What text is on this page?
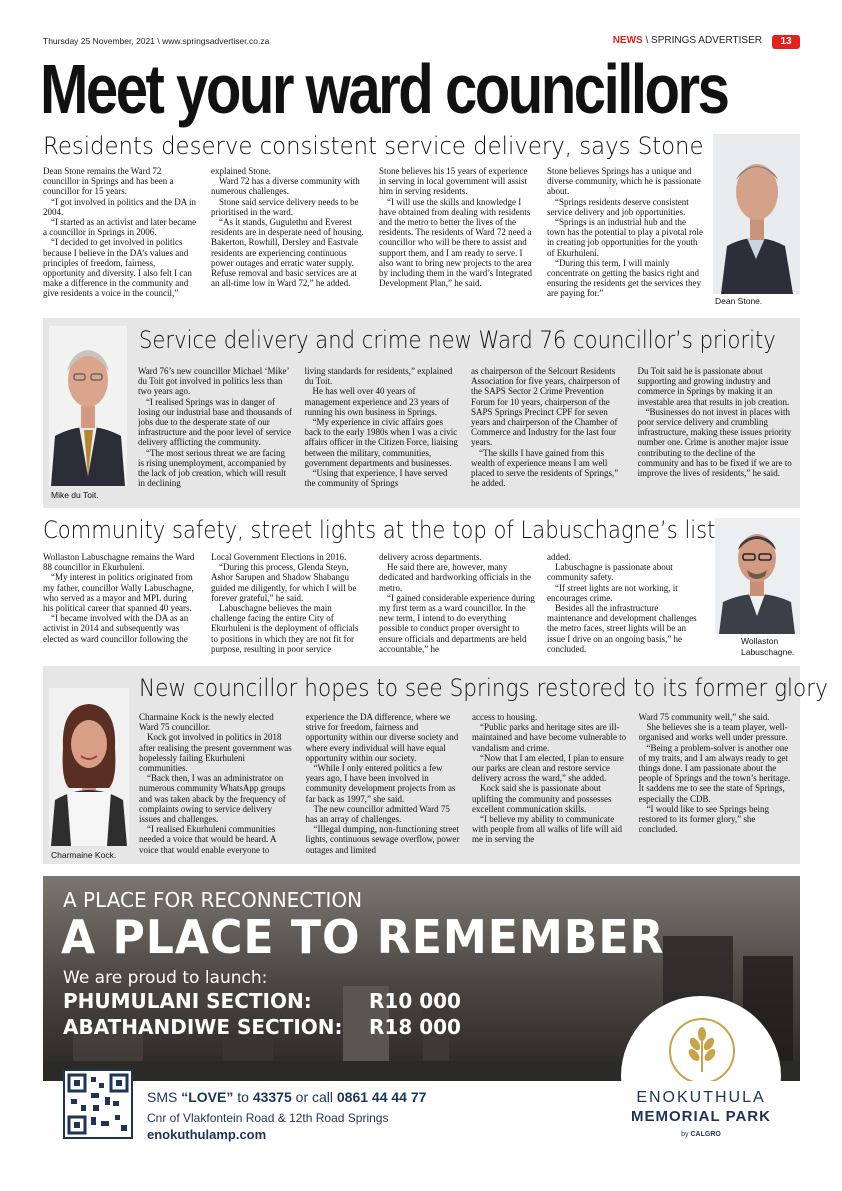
Thursday 25 November, 2021 \ www.springsadvertiser.co.za	NEWS \ SPRINGS ADVERTISER	13
Meet your ward councillors
Residents deserve consistent service delivery, says Stone

Dean Stone remains the Ward 72 councillor in Springs and has been a councillor for 15 years.

“I got involved in politics and the DA in 2004.

“I started as an activist and later became a councillor in Springs in 2006.

“I decided to get involved in politics because I believe in the DA’s values and principles of freedom, fairness, opportunity and diversity. I also felt I can make a difference in the community and give residents a voice in the council,”

explained Stone.

Ward 72 has a diverse community with numerous challenges.

Stone said service delivery needs to be prioritised in the ward.

“As it stands, Gugulethu and Everest residents are in desperate need of housing. Bakerton, Rowhill, Dersley and Eastvale residents are experiencing continuous power outages and erratic water supply. Refuse removal and basic services are at an all-time low in Ward 72,” he added.

Stone believes his 15 years of experience in serving in local government will assist him in serving residents.

“I will use the skills and knowledge I have obtained from dealing with residents and the metro to better the lives of the residents. The residents of Ward 72 need a councillor who will be there to assist and support them, and I am ready to serve. I also want to bring new projects to the area by including them in the ward’s Integrated Development Plan,” he said.

Stone believes Springs has a unique and diverse community, which he is passionate about.

“Springs residents deserve consistent service delivery and job opportunities.

“Springs is an industrial hub and the town has the potential to play a pivotal role in creating job opportunities for the youth of Ekurhuleni.

“During this term, I will mainly concentrate on getting the basics right and ensuring the residents get the services they are paying for.”

Dean Stone.
Mike du Toit.
Service delivery and crime new Ward 76 councillor’s priority

Ward 76’s new councillor Michael ‘Mike’ du Toit got involved in politics less than two years ago.

“I realised Springs was in danger of losing our industrial base and thousands of jobs due to the desperate state of our infrastructure and the poor level of service delivery afflicting the community.

“The most serious threat we are facing is rising unemployment, accompanied by the lack of job creation, which will result in declining

living standards for residents,” explained du Toit.

He has well over 40 years of management experience and 23 years of running his own business in Springs.

“My experience in civic affairs goes back to the early 1980s when I was a civic affairs officer in the Citizen Force, liaising between the military, communities, government departments and businesses.

“Using that experience, I have served the community of Springs

as chairperson of the Selcourt Residents Association for five years, chairperson of the SAPS Sector 2 Crime Prevention Forum for 10 years, chairperson of the SAPS Springs Precinct CPF for seven years and chairperson of the Chamber of Commerce and Industry for the last four years.

“The skills I have gained from this wealth of experience means I am well placed to serve the residents of Springs,” he added.

Du Toit said he is passionate about supporting and growing industry and commerce in Springs by making it an investable area that results in job creation.

“Businesses do not invest in places with poor service delivery and crumbling infrastructure, making these issues priority number one. Crime is another major issue contributing to the decline of the community and has to be fixed if we are to improve the lives of residents,” he said.

Community safety, street lights at the top of Labuschagne’s list

Wollaston Labuschagne remains the Ward 88 councillor in Ekurhuleni.

“My interest in politics originated from my father, councillor Wally Labuschagne, who served as a mayor and MPL during his political career that spanned 40 years.

“I became involved with the DA as an activist in 2014 and subsequently was elected as ward councillor following the

Local Government Elections in 2016.

“During this process, Glenda Steyn, Ashor Sarupen and Shadow Shabangu guided me diligently, for which I will be forever grateful,” he said.

Labuschagne believes the main challenge facing the entire City of Ekurhuleni is the deployment of officials to positions in which they are not fit for purpose, resulting in poor service

delivery across departments.

He said there are, however, many dedicated and hardworking officials in the metro.

“I gained considerable experience during my first term as a ward councillor. In the new term, I intend to do everything possible to conduct proper oversight to ensure officials and departments are held accountable,” he

added.

Labuschagne is passionate about community safety.

“If street lights are not working, it encourages crime.

Besides all the infrastructure maintenance and development challenges the metro faces, street lights will be an issue I drive on an ongoing basis,” he concluded.

Wollaston
Labuschagne.
Charmaine Kock.
New councillor hopes to see Springs restored to its former glory

Charmaine Kock is the newly elected Ward 75 councillor.

Kock got involved in politics in 2018 after realising the present government was hopelessly failing Ekurhuleni communities.

“Back then, I was an administrator on numerous community WhatsApp groups and was taken aback by the frequency of complaints owing to service delivery issues and challenges.

“I realised Ekurhuleni communities needed a voice that would be heard. A voice that would enable everyone to

experience the DA difference, where we strive for freedom, fairness and opportunity within our diverse society and where every individual will have equal opportunity within our society.

“While I only entered politics a few years ago, I have been involved in community development projects from as far back as 1997,” she said.

The new councillor admitted Ward 75 has an array of challenges.

“Illegal dumping, non-functioning street lights, continuous sewage overflow, power outages and limited

access to housing.

“Public parks and heritage sites are ill-maintained and have become vulnerable to vandalism and crime.

“Now that I am elected, I plan to ensure our parks are clean and restore service delivery across the ward,” she added.

Kock said she is passionate about uplifting the community and possesses excellent communication skills.

“I believe my ability to communicate with people from all walks of life will aid me in serving the

Ward 75 community well,” she said.

She believes she is a team player, well-organised and works well under pressure.

“Being a problem-solver is another one of my traits, and I am always ready to get things done. I am passionate about the people of Springs and the town’s heritage. It saddens me to see the state of Springs, especially the CDB.

“I would like to see Springs being restored to its former glory,” she concluded.

A PLACE FOR RECONNECTION
A PLACE TO REMEMBER
We are proud to launch:
PHUMULANI SECTION:	R10 000
ABATHANDIWE SECTION: R18 000
SMS “LOVE” to 43375 or call 0861 44 44 77
Cnr of Vlakfontein Road & 12th Road Springs
enokuthulamp.com
ENOKUTHULA
MEMORIAL PARK
by CALGRO
